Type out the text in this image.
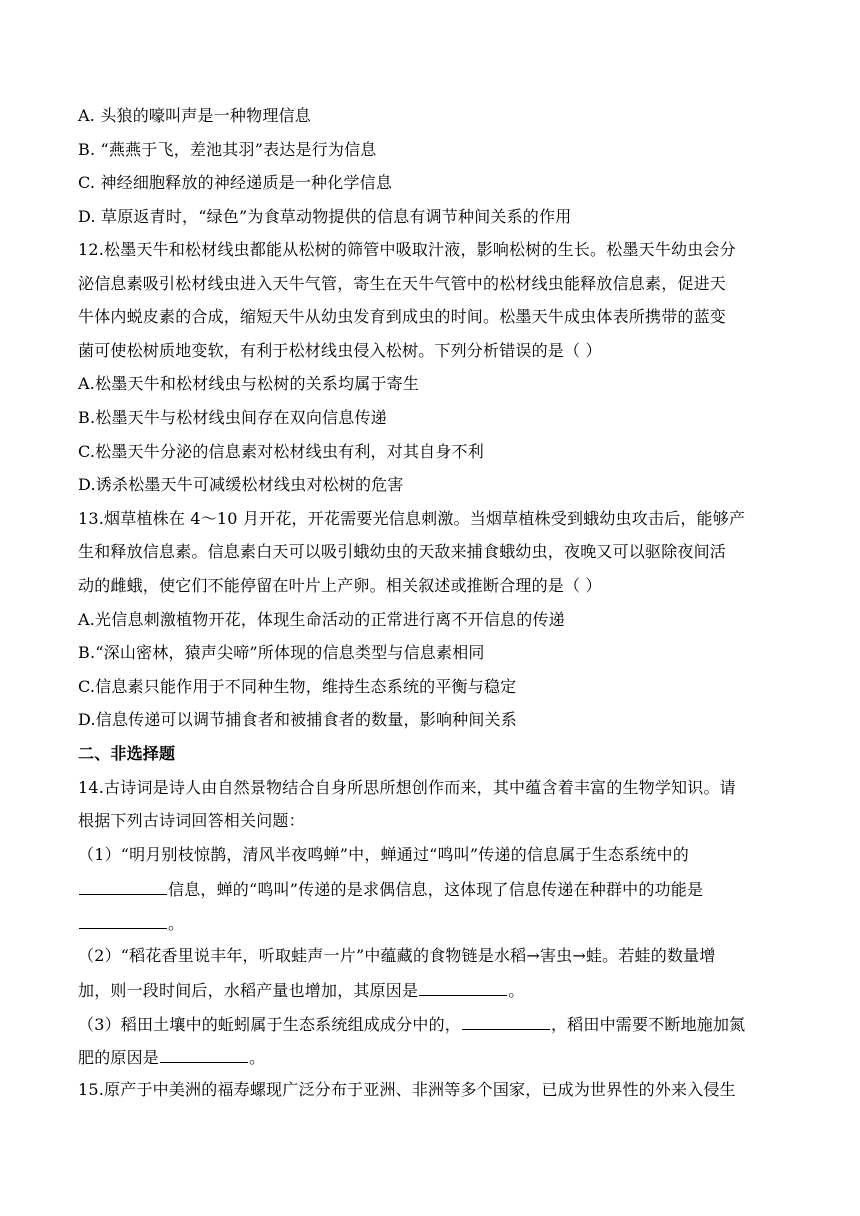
A. 头狼的嚎叫声是一种物理信息
B. “燕燕于飞，差池其羽”表达是行为信息
C. 神经细胞释放的神经递质是一种化学信息
D. 草原返青时，“绿色”为食草动物提供的信息有调节种间关系的作用
12.松墨天牛和松材线虫都能从松树的筛管中吸取汁液，影响松树的生长。松墨天牛幼虫会分
泌信息素吸引松材线虫进入天牛气管，寄生在天牛气管中的松材线虫能释放信息素，促进天
牛体内蜕皮素的合成，缩短天牛从幼虫发育到成虫的时间。松墨天牛成虫体表所携带的蓝变
菌可使松树质地变软，有利于松材线虫侵入松树。下列分析错误的是（ ）
A.松墨天牛和松材线虫与松树的关系均属于寄生
B.松墨天牛与松材线虫间存在双向信息传递
C.松墨天牛分泌的信息素对松材线虫有利，对其自身不利
D.诱杀松墨天牛可减缓松材线虫对松树的危害
13.烟草植株在 4～10 月开花，开花需要光信息刺激。当烟草植株受到蛾幼虫攻击后，能够产
生和释放信息素。信息素白天可以吸引蛾幼虫的天敌来捕食蛾幼虫，夜晚又可以驱除夜间活
动的雌蛾，使它们不能停留在叶片上产卵。相关叙述或推断合理的是（ ）
A.光信息刺激植物开花，体现生命活动的正常进行离不开信息的传递
B.“深山密林，猿声尖啼”所体现的信息类型与信息素相同
C.信息素只能作用于不同种生物，维持生态系统的平衡与稳定
D.信息传递可以调节捕食者和被捕食者的数量，影响种间关系
二、非选择题
14.古诗词是诗人由自然景物结合自身所思所想创作而来，其中蕴含着丰富的生物学知识。请
根据下列古诗词回答相关问题：
（1）“明月别枝惊鹊，清风半夜鸣蝉”中，蝉通过“鸣叫”传递的信息属于生态系统中的
信息，蝉的“鸣叫”传递的是求偶信息，这体现了信息传递在种群中的功能是
。
（2）“稻花香里说丰年，听取蛙声一片”中蕴藏的食物链是水稻→害虫→蛙。若蛙的数量增
加，则一段时间后，水稻产量也增加，其原因是	。
（3）稻田土壤中的蚯蚓属于生态系统组成成分中的，	，稻田中需要不断地施加氮
肥的原因是	。
15.原产于中美洲的福寿螺现广泛分布于亚洲、非洲等多个国家，已成为世界性的外来入侵生
